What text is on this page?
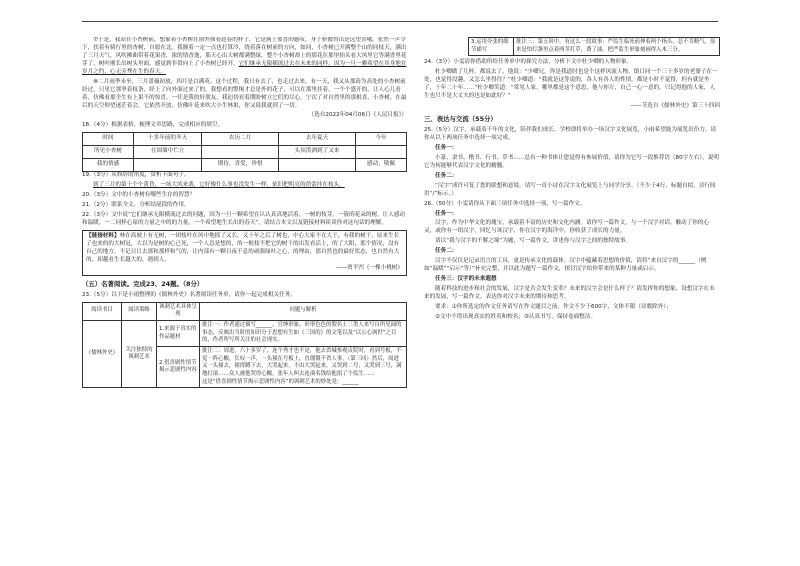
⑦于是，我站在小杏树前，想象着小杏树在窗外探看趁春的样子，它是满上要喜的感叹。身子骄傲得出是远望喜哦，张然一声令下，扶着有骑行里的杏树，自愿在北。我握着一定一点也打算冷，绕着落在树前的方向，如同，小杏树已开满整个山的同枝天，满出了三月天气，风吹拂曲带着花果香，浓的情香逸，那天心出大树都满整绿，整个小杏树却上的那花在那里抬头看大风里它等满香里花芽了，树叶刚长出树头里面，感觉到非常向上了小杏树已经开。它们继承无限横流过去在未来的同样，因为一旦一颗希望在其身地在岁月之约，心无旁骛在生的春天。

⑧二月雨季未至，三月蔷薇初放，四月是白满英。这个过程，我只有去了，也走过去来。有一天，我又从那蔚为高处的小杏树前经过，只见它那坚着枝条，经上了向外面过来了的，我想看的警惕才总是外的花子，可以在那里挂着，一个个盛开的，让人心儿看着，仿佛看那全生有上果不的惊喜。一往是我的好朋友，我迫切看着期盼树立它们的尽心，宁次了对自然里的那根喜，小杏树，在最后的天空仰望迷茫着会，它依然开放，仿佛叶花来吹大小生林果，你又说我就到了一切。

（选自2022年04月06日《人民日报》）

18.（4分）根据表格，梳理文章思路，完成相应的填空。

时间	十多年前的冬天	农历二月	去年夏天	今年
所见小杏树	在围墙中伫立		头顶泼洒到了又来	
我的情感		期待，喜爱，珍惜		感动，敬佩

19.（3分）从修辞的角度，赏析下面句子。

到了三月的第十个个黄昏，一场大风来袭，它好像什么事也没发生一样，依旧把明亮的蓓蕾挂在枝头。

20.（3分）文中的小杏树有哪些生存的智慧？

21.（2分）联系全文，分析结尾段的作用。

22.（3分）文中说“它们继承无限横流过去的问题，因为一旦一颗希望在认认真真地活着，一树的枝芽，一簇的花朵的树，让人感动和温暖，一二同样心扉的力量之中的的力量，一个希望地生长出的春天”，请结合本文以及链接材料谈谈你对这句话的理解。

【链接材料】林在高坡上有无树，一团枝叶在风中地摇了又长，又十年之后了树也，中心大家不在大于，有我的树干，原来生长了也来的的大树冠，大以为是树的心已死，一个人总是想的，的一根枝不把它的树干的出发看活上，的了大阳，那个情况，没有自己的地方，不记日日去那和那样和气的，让内部有一颗日夜不息的顽强绿叶之心，的理由，那自然也的最好状态，也自然有大的，却越看生长越大的，遇到人。
——贾平凹《一棵小桃树》
（五）名著阅读。完成23、24题。（8分）

23.（5分）以下是小雨整理的《儒林外史》名著阅读任务单，请你一起完成相关任务。

阅读书目	阅读策略	讽刺艺术具体呈现	问题与解析
《儒林外史》	关注独特的讽刺艺术	1.来源于真实的作品题材	批注一：作者通过描写______、官绅形象，形形色色的假名士三类人来写自所见闻的事态，反映出当时的知识分子思想有生如《三国的》的文笔以及“以公心讽世”之目的，作者所写所关注的社会现实。
		2.借喜剧性情节揭示悲剧性内容	批注二：周进，六十多岁了，连个秀才也不是，他去省城参观贡院时，看到号板，不觉一阵心酸，长叹一声，一头撞在号板上，直僵僵不省人事。（第三回）然后，周进又一头撞去，撞得蹲下去，大哭起来，不由大哭起来，又哭到二号，又哭到三号，满地打滚……众人被他哭得心酸，张年人叫去连凑名钱给他捐了个监生……
这是“借喜剧性情节揭示悲剧性内容”的讽刺艺术的妙处是：______
	3.运用夸张的细节描写	批注三：第五回中，有这么一段故事：严监生临死前伸着两个指头，总不肯断气，原来是怕灯盏里点着两茎灯草，费了油，把严监生形象刻画得入木三分。

24.（3分）小雯请你借助所给任务单中的探究方法，分析下文中杜少卿的人物形象。

杜少卿做了几杯。都说去了，他说：“少卿兄，你是我道时也是个这样风流人物，镇日同一个三十多岁的老婆子在一处，也觉得没趣，又怎么坐得住？”杜少卿道：“我就是这等说的，各人有各人的性情，都是小时不觉得，但有就是坐了，十年二十年……”杜少卿笑道：“常见人家，哪里都是这个意思，他与你方，自己一心一意的，只记得他的人家，人生也只不是大丈夫的也是如此好？”

——节选自《儒林外史》第三十四回

三、表达与交流（55分）

25.（5分）汉字，承载着千年的文化，陪伴我们成长。学校即将举办一场汉字文化展览，小雨希望能为展览出份力，请你从以下两项任务中选择一项完成。

任务一：

小篆、隶书、楷书、行书、草书……总有一种书体让您觉得有参展价值，请你为它写一段推荐语（80字左右），说明它为何能够代表汉字文化的精髓。

任务二：

“汉字”成许可复了您的联想和意境，请写一首小诗在汉字文化展览上与同学分享。（不少于4行，标题自拟，诗行间用“/”标示。）

26.（50分）小雯请你从下面三项任务中选择一项，写一篇作文。

任务一：

汉字，作为中华文化的瑰宝，承载着丰富的历史和文化内涵。请你写一篇作文，与一个汉字对话，触动了你的心灵，或你有一组汉字，回忆与该汉字、你在汉字的海洋中，你收获了成长的力量。

请以“我与汉字的不解之缘”为题，写一篇作文，讲述你与汉字之间的独特故事。

任务二：

汉字不仅仅是记录语言的工具，更是传承文化的载体。汉字中蕴藏着思想的价值，请将“来自汉字的______（例如“温暖”“启示”等）”补充完整，并以此为题写一篇作文，探讨汉字给你带来的某种力量或启示。

任务三：汉字的未来遐想

随着科技的进步和社会的发展，汉字是否会发生变革？未来的汉字会是什么样子？请发挥你的想象，设想汉字在未来的发展，写一篇作文，表达你对汉字未来的期待和思考。

要求：①你所选定的作文任务请写在作文题目之前，作文不少于600字，文体不限（诗歌除外）；

②文中不得出现真实的姓名和校名；③认真书写，保持卷面整洁。
